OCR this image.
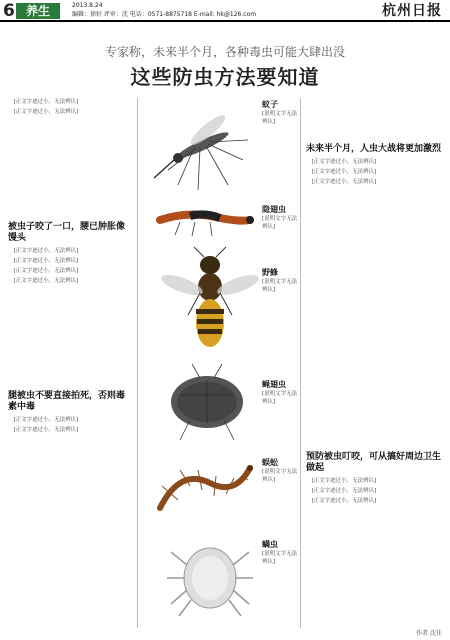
6 养生	2013.8.24
编辑：徐好 评审：沈 电话：0571-8875718 E-mail: hk@126.com	杭州日报
专家称，未来半个月，各种毒虫可能大肆出没
这些防虫方法要知道

[正文字迹过小，无法辨认]

[正文字迹过小，无法辨认]

被虫子咬了一口，腰已肿胀像馒头

[正文字迹过小，无法辨认]

[正文字迹过小，无法辨认]

[正文字迹过小，无法辨认]

[正文字迹过小，无法辨认]

腿被虫不要直接拍死，否则毒素中毒

[正文字迹过小，无法辨认]

[正文字迹过小，无法辨认]

蚊子
[说明文字无法辨认]
隐翅虫
[说明文字无法辨认]
野蜂
[说明文字无法辨认]
蝇翅虫
[说明文字无法辨认]
蜈蚣
[说明文字无法辨认]
螨虫
[说明文字无法辨认]
未来半个月，人虫大战将更加激烈

[正文字迹过小，无法辨认]

[正文字迹过小，无法辨认]

[正文字迹过小，无法辨认]

预防被虫叮咬，可从搞好周边卫生做起

[正文字迹过小，无法辨认]

[正文字迹过小，无法辨认]

[正文字迹过小，无法辨认]

作者 沈佳
